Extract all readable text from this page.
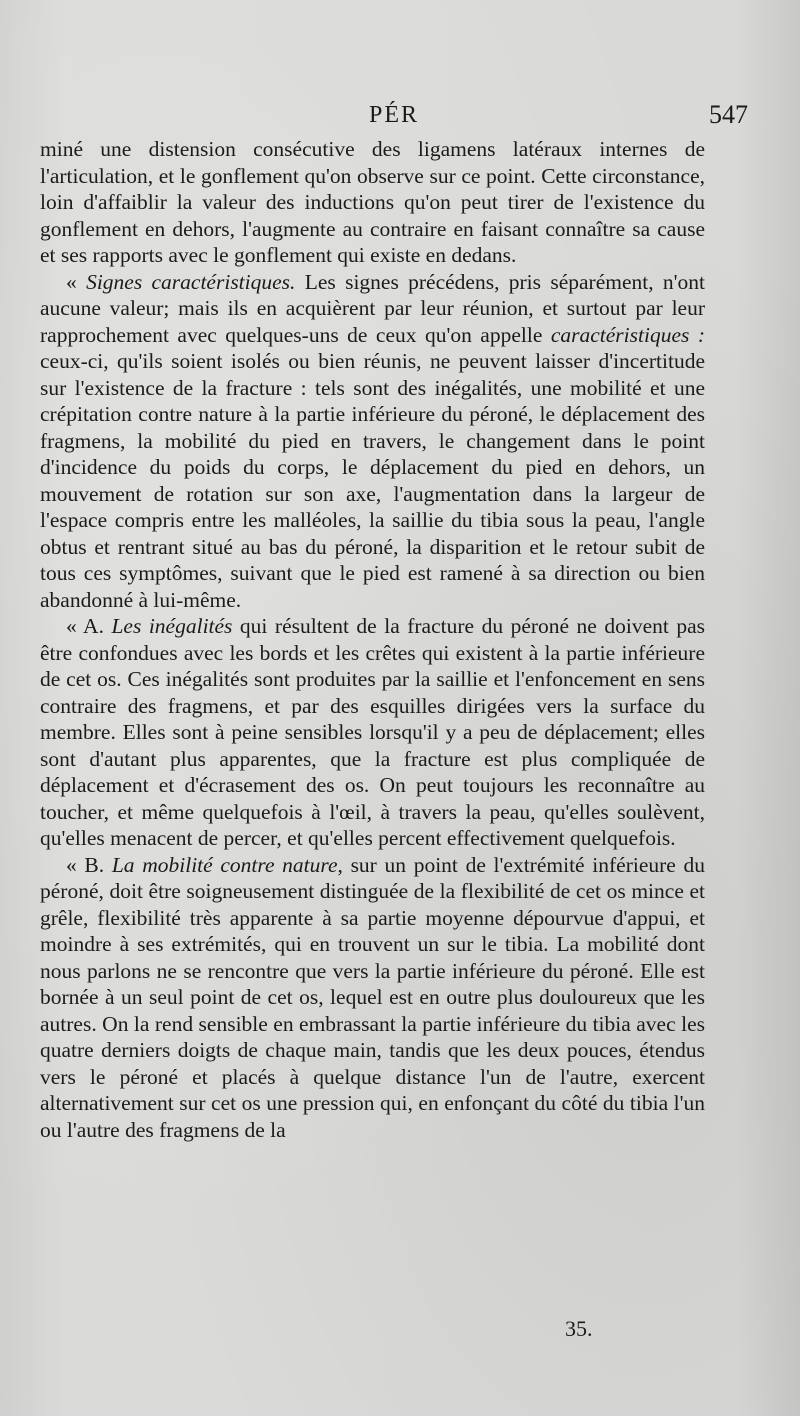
PÉR	547

miné une distension consécutive des ligamens latéraux internes de l'articulation, et le gonflement qu'on observe sur ce point. Cette circonstance, loin d'affaiblir la valeur des inductions qu'on peut tirer de l'existence du gonflement en dehors, l'augmente au contraire en faisant connaître sa cause et ses rapports avec le gonflement qui existe en dedans.

« Signes caractéristiques. Les signes précédens, pris séparément, n'ont aucune valeur; mais ils en acquièrent par leur réunion, et surtout par leur rapprochement avec quelques-uns de ceux qu'on appelle caractéristiques : ceux-ci, qu'ils soient isolés ou bien réunis, ne peuvent laisser d'incertitude sur l'existence de la fracture : tels sont des inégalités, une mobilité et une crépitation contre nature à la partie inférieure du péroné, le déplacement des fragmens, la mobilité du pied en travers, le changement dans le point d'incidence du poids du corps, le déplacement du pied en dehors, un mouvement de rotation sur son axe, l'augmentation dans la largeur de l'espace compris entre les malléoles, la saillie du tibia sous la peau, l'angle obtus et rentrant situé au bas du péroné, la disparition et le retour subit de tous ces symptômes, suivant que le pied est ramené à sa direction ou bien abandonné à lui-même.

« A. Les inégalités qui résultent de la fracture du péroné ne doivent pas être confondues avec les bords et les crêtes qui existent à la partie inférieure de cet os. Ces inégalités sont produites par la saillie et l'enfoncement en sens contraire des fragmens, et par des esquilles dirigées vers la surface du membre. Elles sont à peine sensibles lorsqu'il y a peu de déplacement; elles sont d'autant plus apparentes, que la fracture est plus compliquée de déplacement et d'écrasement des os. On peut toujours les reconnaître au toucher, et même quelquefois à l'œil, à travers la peau, qu'elles soulèvent, qu'elles menacent de percer, et qu'elles percent effectivement quelquefois.

« B. La mobilité contre nature, sur un point de l'extrémité inférieure du péroné, doit être soigneusement distinguée de la flexibilité de cet os mince et grêle, flexibilité très apparente à sa partie moyenne dépourvue d'appui, et moindre à ses extrémités, qui en trouvent un sur le tibia. La mobilité dont nous parlons ne se rencontre que vers la partie inférieure du péroné. Elle est bornée à un seul point de cet os, lequel est en outre plus douloureux que les autres. On la rend sensible en embrassant la partie inférieure du tibia avec les quatre derniers doigts de chaque main, tandis que les deux pouces, étendus vers le péroné et placés à quelque distance l'un de l'autre, exercent alternativement sur cet os une pression qui, en enfonçant du côté du tibia l'un ou l'autre des fragmens de la

35.
